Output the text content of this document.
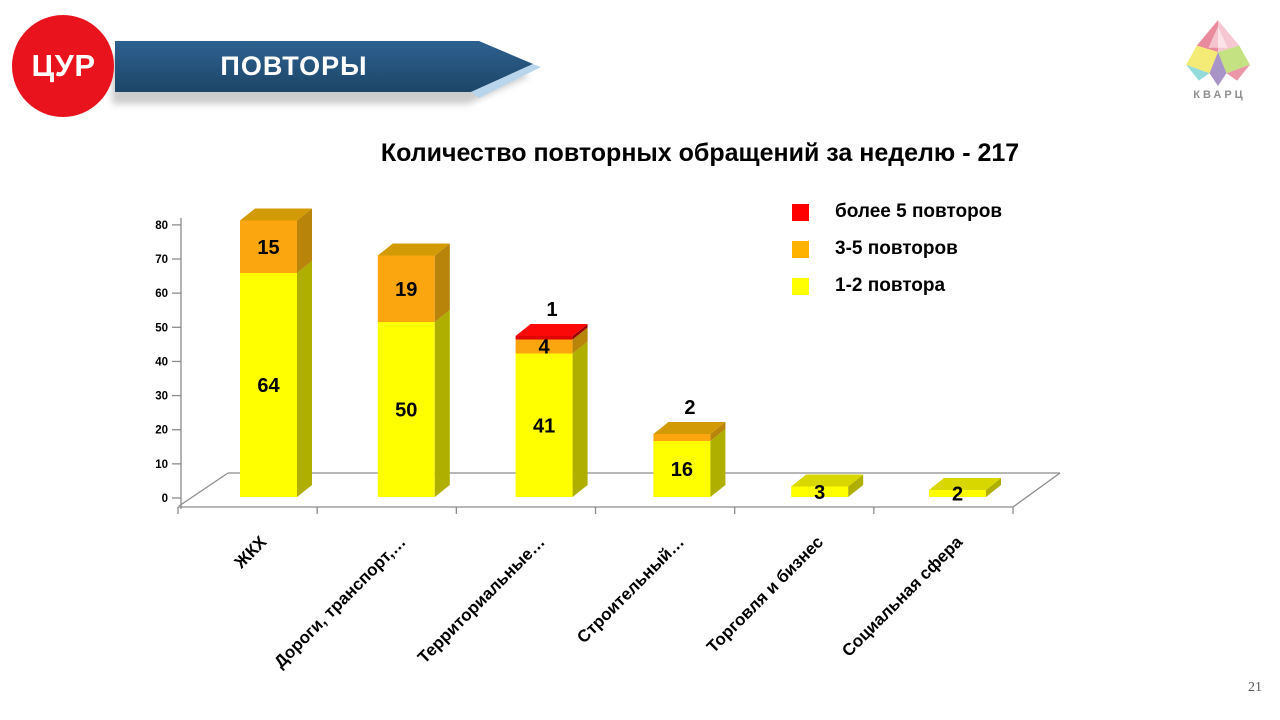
ЦУР	ПОВТОРЫ
КВАРЦ
Количество повторных обращений за неделю - 217
0
10
20
30
40
50
60
70
80
64
15
50
19
41
4
1
16
2
3	2
ЖКХ Дороги, транспорт,… Территориальные… Строительный… Торговля и бизнес Социальная сфера
более 5 повторов
3-5 повторов
1-2 повтора
21
